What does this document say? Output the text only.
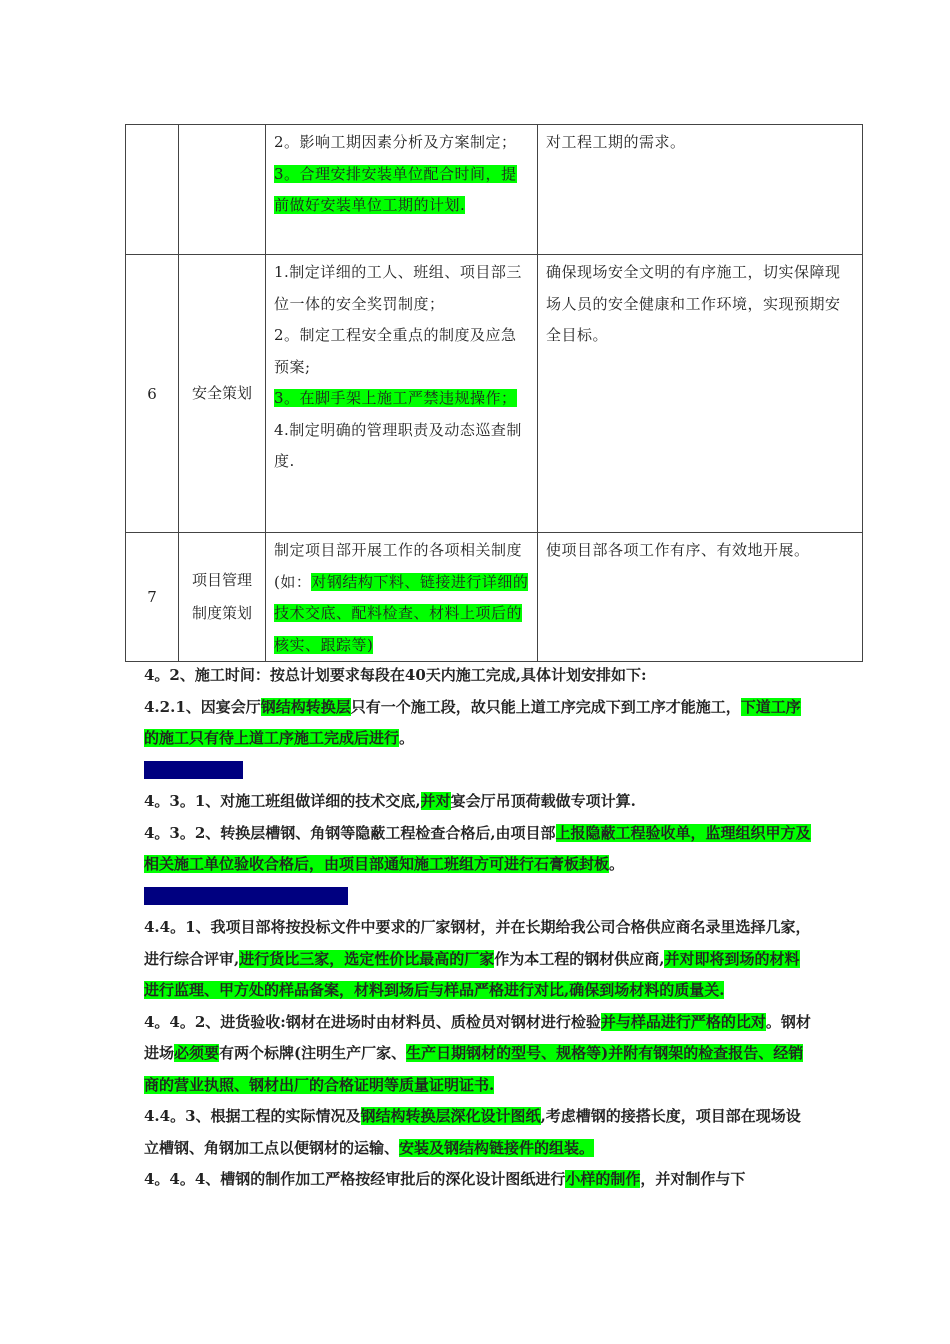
		2。影响工期因素分析及方案制定；
3。合理安排安装单位配合时间，提前做好安装单位工期的计划.	对工程工期的需求。

6	安全策划	1.制定详细的工人、班组、项目部三位一体的安全奖罚制度；
2。制定工程安全重点的制度及应急预案;
3。在脚手架上施工严禁违规操作；
4.制定明确的管理职责及动态巡查制度.	确保现场安全文明的有序施工，切实保障现场人员的安全健康和工作环境，实现预期安全目标。

7	项目管理
制度策划	制定项目部开展工作的各项相关制度(如：对钢结构下料、链接进行详细的技术交底、配料检查、材料上项后的核实、跟踪等)	使项目部各项工作有序、有效地开展。

4。2、施工时间：按总计划要求每段在40天内施工完成,具体计划安排如下:

4.2.1、因宴会厅钢结构转换层只有一个施工段，故只能上道工序完成下到工序才能施工，下道工序的施工只有待上道工序施工完成后进行。

4.3、施工准备

4。3。1、对施工班组做详细的技术交底,并对宴会厅吊顶荷载做专项计算.

4。3。2、转换层槽钢、角钢等隐蔽工程检查合格后,由项目部上报隐蔽工程验收单，监理组织甲方及相关施工单位验收合格后，由项目部通知施工班组方可进行石膏板封板。

4.4、钢材的选择、检验与检查

4.4。1、我项目部将按投标文件中要求的厂家钢材，并在长期给我公司合格供应商名录里选择几家，进行综合评审,进行货比三家，选定性价比最高的厂家作为本工程的钢材供应商,并对即将到场的材料进行监理、甲方处的样品备案，材料到场后与样品严格进行对比,确保到场材料的质量关.

4。4。2、进货验收:钢材在进场时由材料员、质检员对钢材进行检验并与样品进行严格的比对。钢材进场必须要有两个标牌(注明生产厂家、生产日期钢材的型号、规格等)并附有钢架的检查报告、经销商的营业执照、钢材出厂的合格证明等质量证明证书.

4.4。3、根据工程的实际情况及钢结构转换层深化设计图纸,考虑槽钢的接搭长度，项目部在现场设立槽钢、角钢加工点以便钢材的运输、安装及钢结构链接件的组装。

4。4。4、槽钢的制作加工严格按经审批后的深化设计图纸进行小样的制作，并对制作与下
